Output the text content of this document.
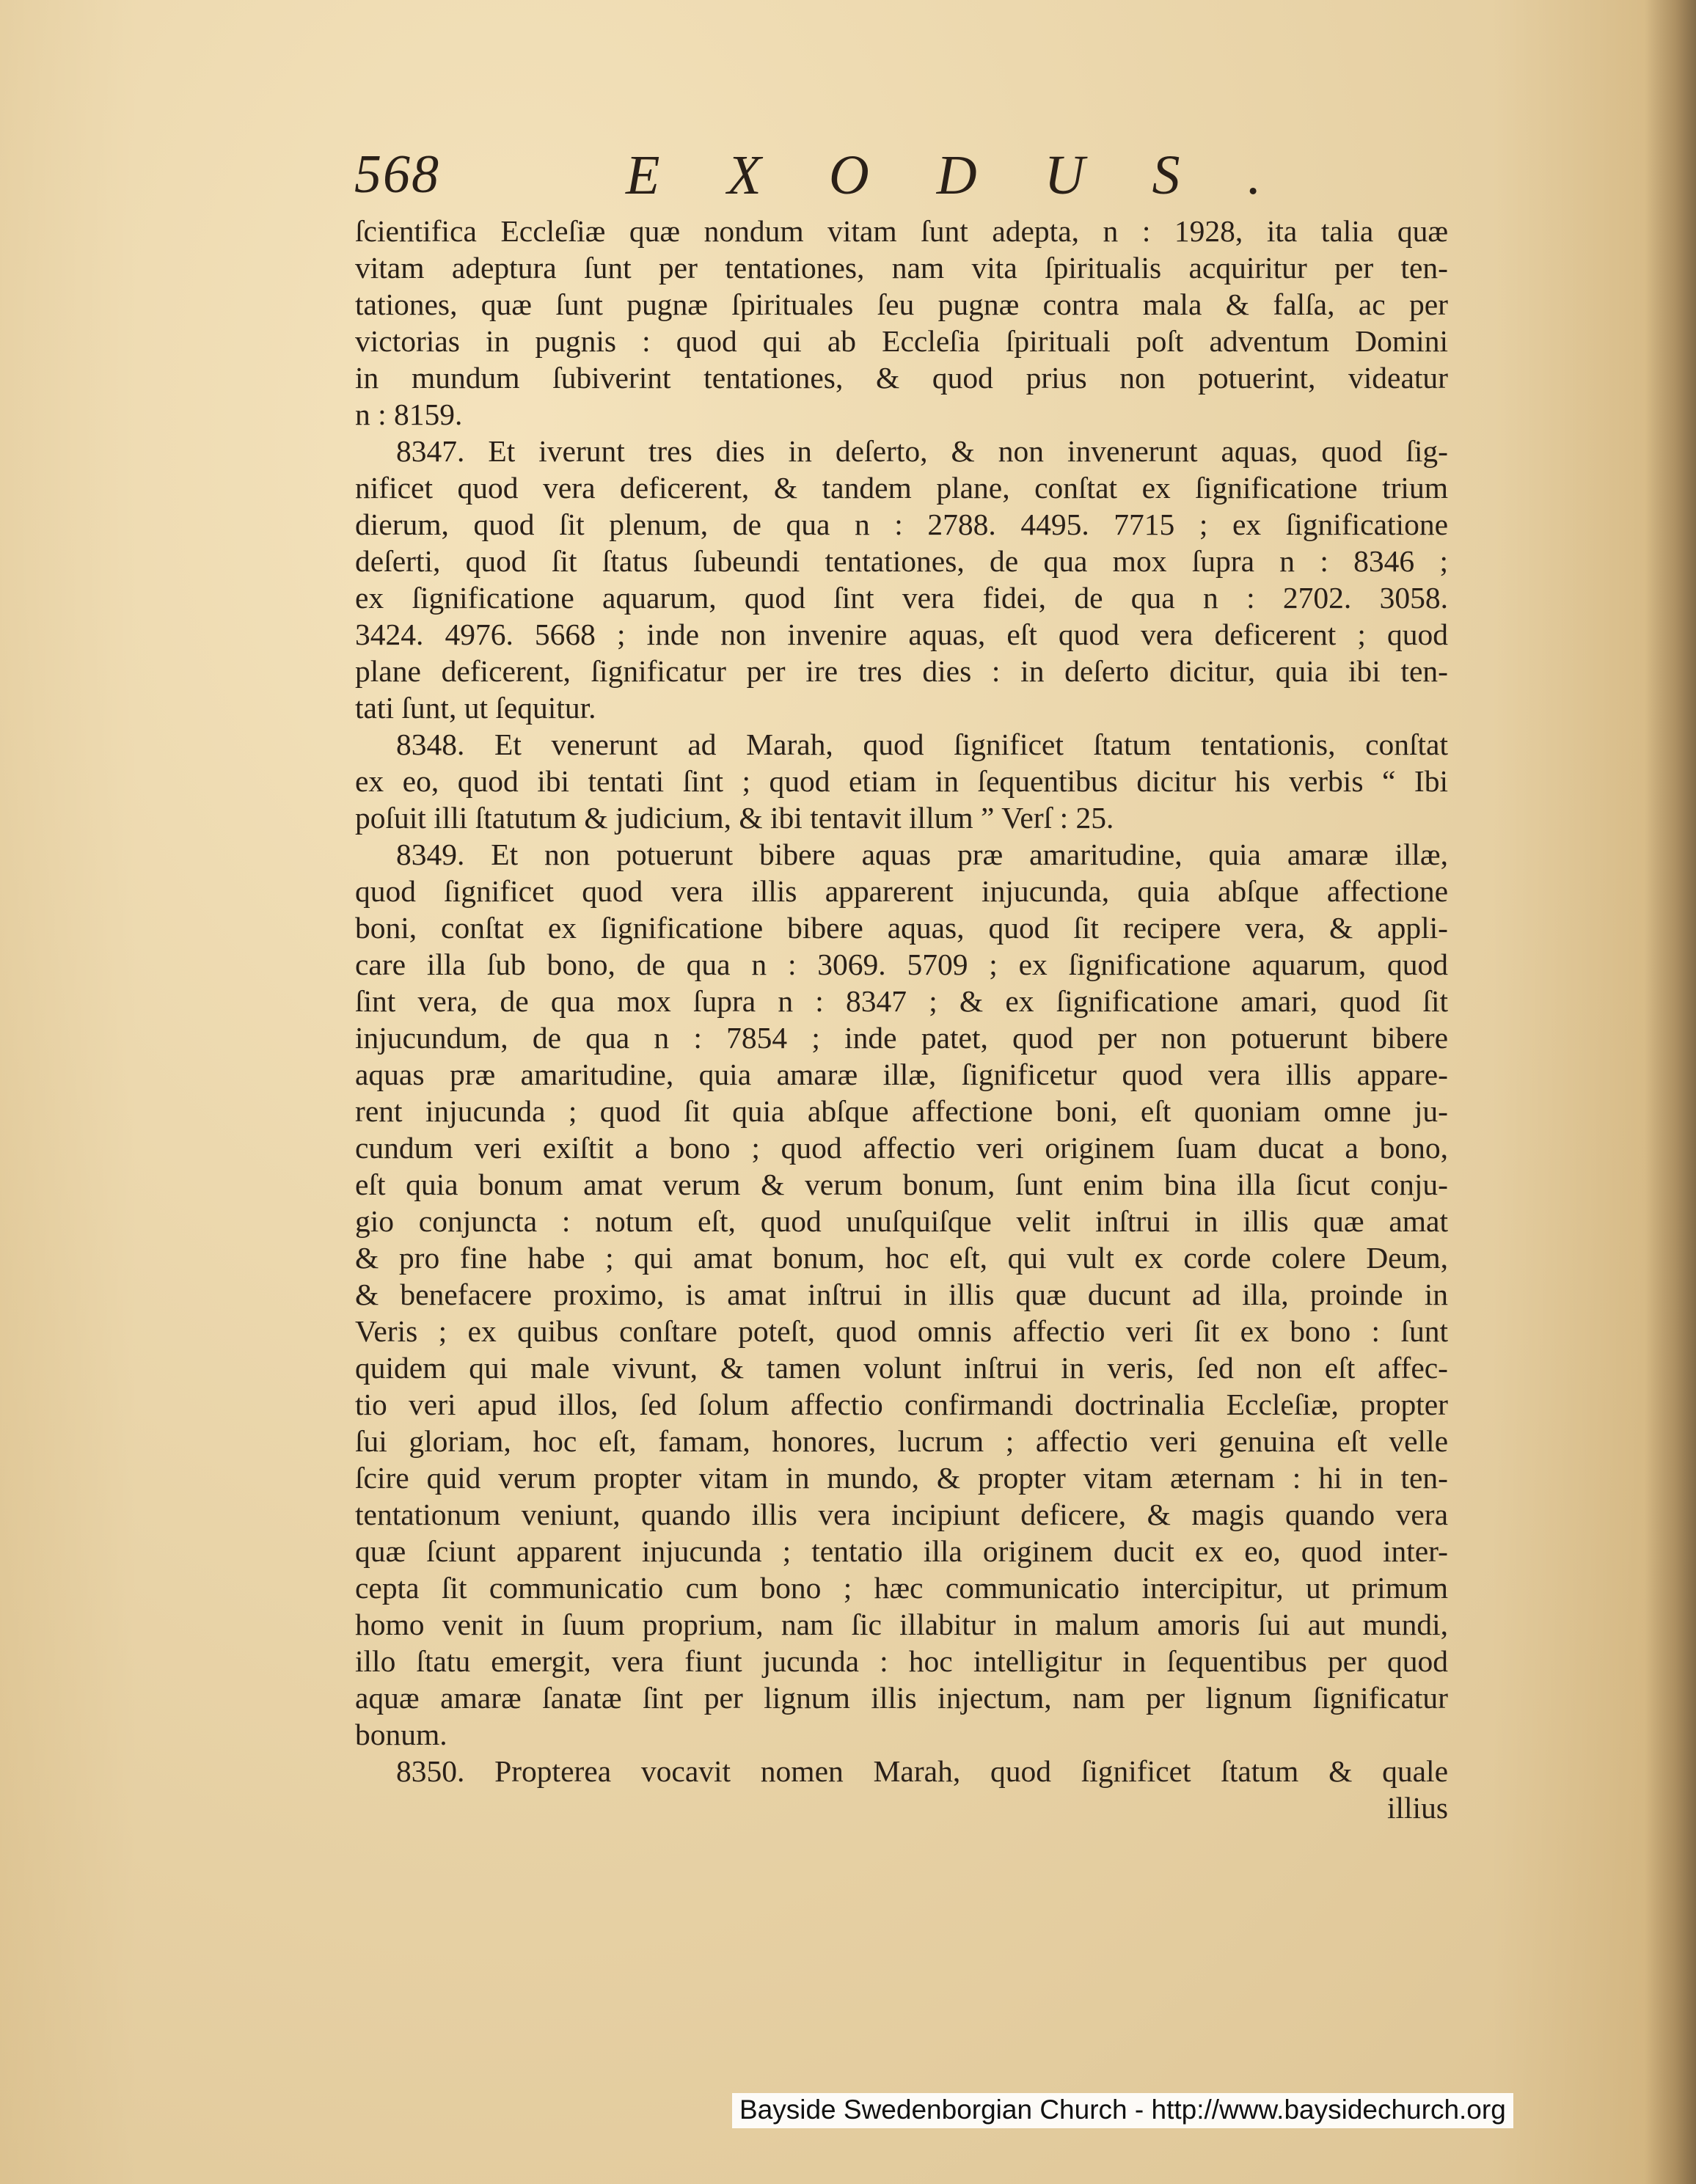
568	EXODUS.
ſcientifica Eccleſiæ quæ nondum vitam ſunt adepta, n : 1928, ita talia quæ
vitam adeptura ſunt per tentationes, nam vita ſpiritualis acquiritur per ten-
tationes, quæ ſunt pugnæ ſpirituales ſeu pugnæ contra mala & falſa, ac per
victorias in pugnis : quod qui ab Eccleſia ſpirituali poſt adventum Domini
in mundum ſubiverint tentationes, & quod prius non potuerint, videatur
n : 8159.
8347. Et iverunt tres dies in deſerto, & non invenerunt aquas, quod ſig-
nificet quod vera deficerent, & tandem plane, conſtat ex ſignificatione trium
dierum, quod ſit plenum, de qua n : 2788. 4495. 7715 ; ex ſignificatione
deſerti, quod ſit ſtatus ſubeundi tentationes, de qua mox ſupra n : 8346 ;
ex ſignificatione aquarum, quod ſint vera fidei, de qua n : 2702. 3058.
3424. 4976. 5668 ; inde non invenire aquas, eſt quod vera deficerent ; quod
plane deficerent, ſignificatur per ire tres dies : in deſerto dicitur, quia ibi ten-
tati ſunt, ut ſequitur.
8348. Et venerunt ad Marah, quod ſignificet ſtatum tentationis, conſtat
ex eo, quod ibi tentati ſint ; quod etiam in ſequentibus dicitur his verbis “ Ibi
poſuit illi ſtatutum & judicium, & ibi tentavit illum ” Verſ : 25.
8349. Et non potuerunt bibere aquas præ amaritudine, quia amaræ illæ,
quod ſignificet quod vera illis apparerent injucunda, quia abſque affectione
boni, conſtat ex ſignificatione bibere aquas, quod ſit recipere vera, & appli-
care illa ſub bono, de qua n : 3069. 5709 ; ex ſignificatione aquarum, quod
ſint vera, de qua mox ſupra n : 8347 ; & ex ſignificatione amari, quod ſit
injucundum, de qua n : 7854 ; inde patet, quod per non potuerunt bibere
aquas præ amaritudine, quia amaræ illæ, ſignificetur quod vera illis appare-
rent injucunda ; quod ſit quia abſque affectione boni, eſt quoniam omne ju-
cundum veri exiſtit a bono ; quod affectio veri originem ſuam ducat a bono,
eſt quia bonum amat verum & verum bonum, ſunt enim bina illa ſicut conju-
gio conjuncta : notum eſt, quod unuſquiſque velit inſtrui in illis quæ amat
& pro fine habe ; qui amat bonum, hoc eſt, qui vult ex corde colere Deum,
& benefacere proximo, is amat inſtrui in illis quæ ducunt ad illa, proinde in
Veris ; ex quibus conſtare poteſt, quod omnis affectio veri ſit ex bono : ſunt
quidem qui male vivunt, & tamen volunt inſtrui in veris, ſed non eſt affec-
tio veri apud illos, ſed ſolum affectio confirmandi doctrinalia Eccleſiæ, propter
ſui gloriam, hoc eſt, famam, honores, lucrum ; affectio veri genuina eſt velle
ſcire quid verum propter vitam in mundo, & propter vitam æternam : hi in ten-
tentationum veniunt, quando illis vera incipiunt deficere, & magis quando vera
quæ ſciunt apparent injucunda ; tentatio illa originem ducit ex eo, quod inter-
cepta ſit communicatio cum bono ; hæc communicatio intercipitur, ut primum
homo venit in ſuum proprium, nam ſic illabitur in malum amoris ſui aut mundi,
illo ſtatu emergit, vera fiunt jucunda : hoc intelligitur in ſequentibus per quod
aquæ amaræ ſanatæ ſint per lignum illis injectum, nam per lignum ſignificatur
bonum.
8350. Propterea vocavit nomen Marah, quod ſignificet ſtatum & quale
illius
Bayside Swedenborgian Church - http://www.baysidechurch.org
